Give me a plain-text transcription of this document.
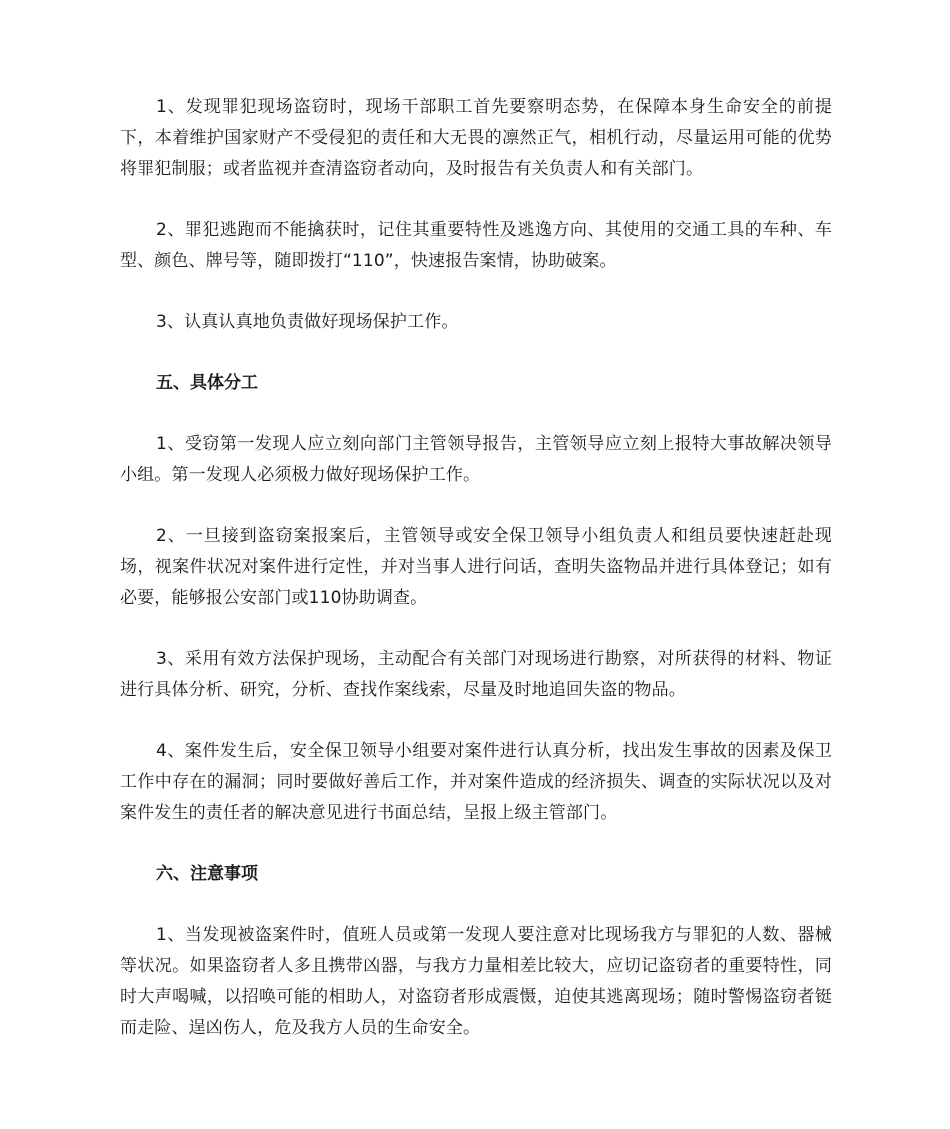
1、发现罪犯现场盗窃时，现场干部职工首先要察明态势，在保障本身生命安全的前提下，本着维护国家财产不受侵犯的责任和大无畏的凛然正气，相机行动，尽量运用可能的优势将罪犯制服；或者监视并查清盗窃者动向，及时报告有关负责人和有关部门。

2、罪犯逃跑而不能擒获时，记住其重要特性及逃逸方向、其使用的交通工具的车种、车型、颜色、牌号等，随即拨打“110”，快速报告案情，协助破案。

3、认真认真地负责做好现场保护工作。

五、具体分工

1、受窃第一发现人应立刻向部门主管领导报告，主管领导应立刻上报特大事故解决领导小组。第一发现人必须极力做好现场保护工作。

2、一旦接到盗窃案报案后，主管领导或安全保卫领导小组负责人和组员要快速赶赴现场，视案件状况对案件进行定性，并对当事人进行问话，查明失盗物品并进行具体登记；如有必要，能够报公安部门或110协助调查。

3、采用有效方法保护现场，主动配合有关部门对现场进行勘察，对所获得的材料、物证进行具体分析、研究，分析、查找作案线索，尽量及时地追回失盗的物品。

4、案件发生后，安全保卫领导小组要对案件进行认真分析，找出发生事故的因素及保卫工作中存在的漏洞；同时要做好善后工作，并对案件造成的经济损失、调查的实际状况以及对案件发生的责任者的解决意见进行书面总结，呈报上级主管部门。

六、注意事项

1、当发现被盗案件时，值班人员或第一发现人要注意对比现场我方与罪犯的人数、器械等状况。如果盗窃者人多且携带凶器，与我方力量相差比较大，应切记盗窃者的重要特性，同时大声喝喊，以招唤可能的相助人，对盗窃者形成震慑，迫使其逃离现场；随时警惕盗窃者铤而走险、逞凶伤人，危及我方人员的生命安全。
